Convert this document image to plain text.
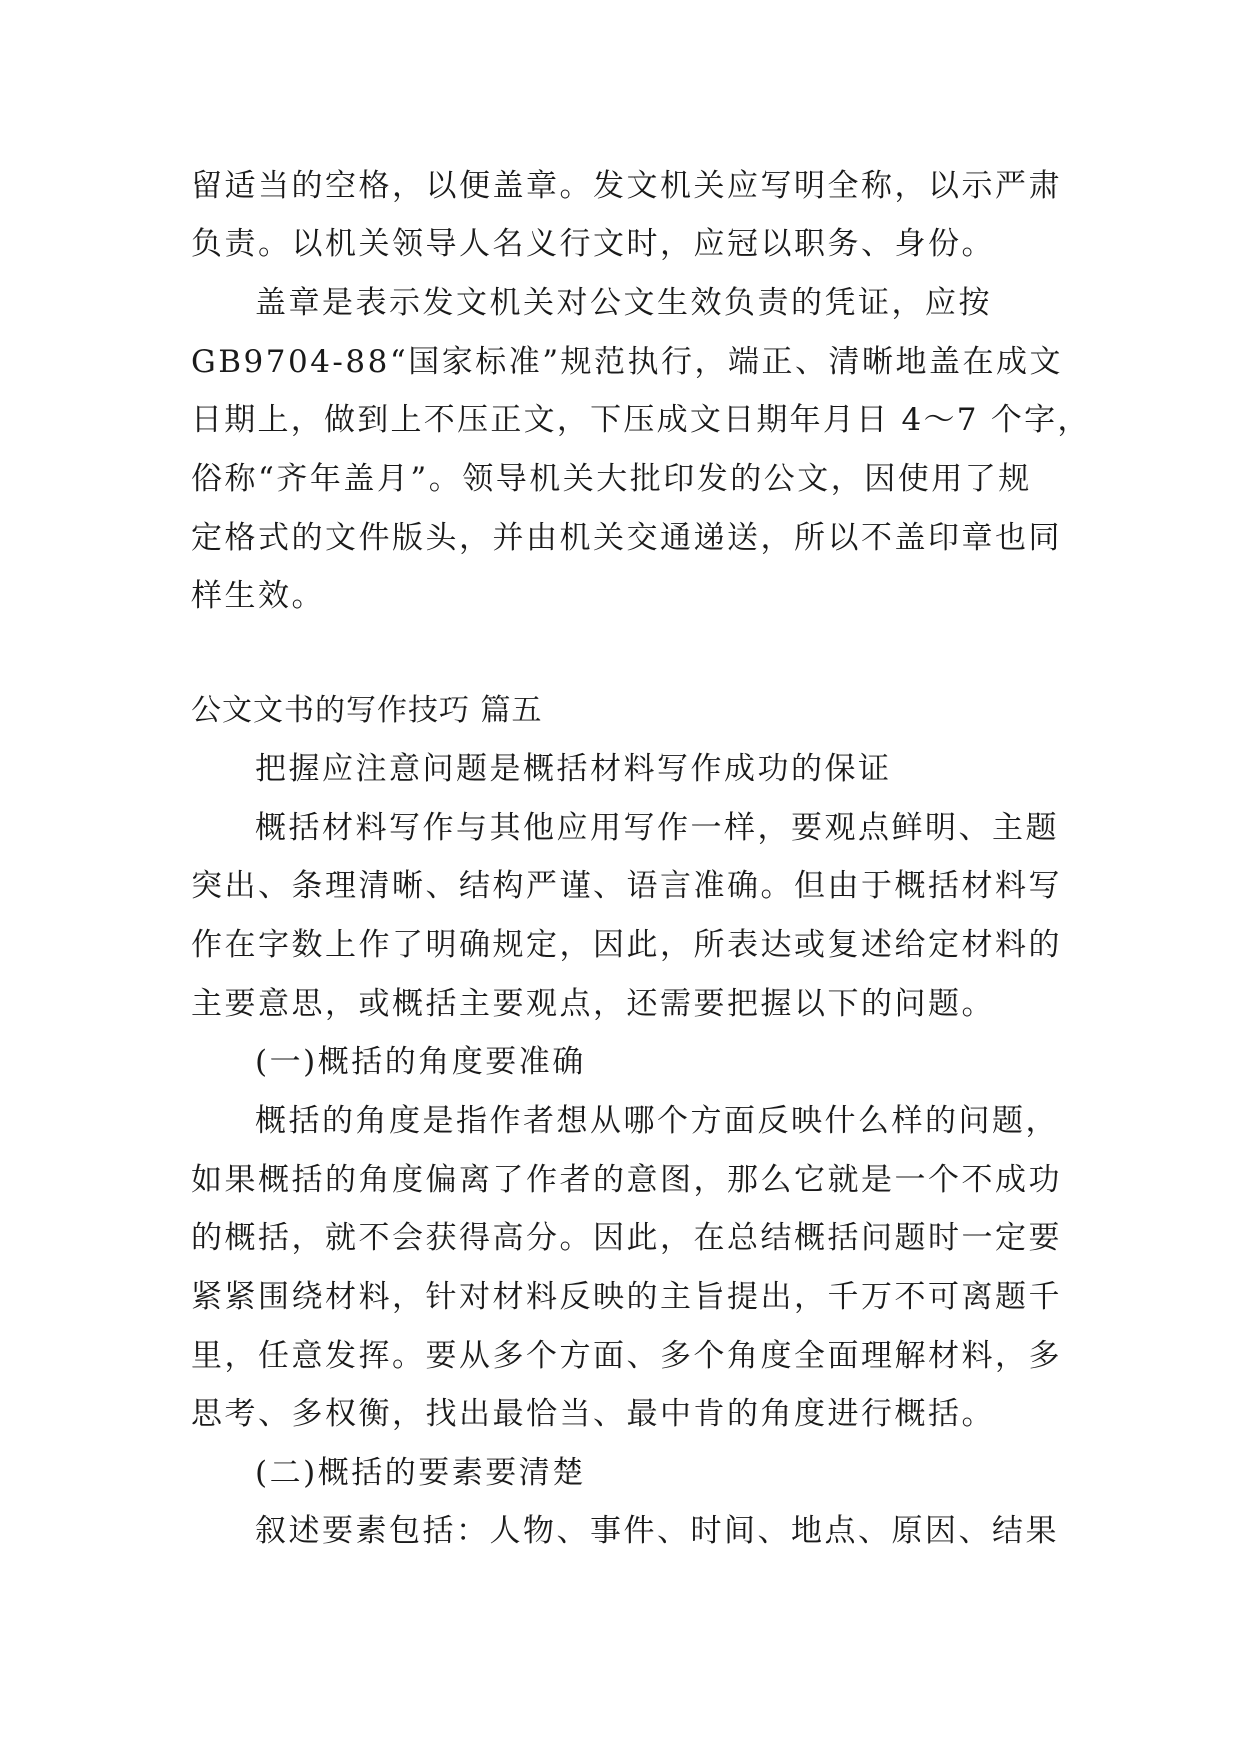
留适当的空格，以便盖章。发文机关应写明全称，以示严肃
负责。以机关领导人名义行文时，应冠以职务、身份。
盖章是表示发文机关对公文生效负责的凭证，应按
GB9704-88“国家标准”规范执行，端正、清晰地盖在成文
日期上，做到上不压正文，下压成文日期年月日 4～7 个字，
俗称“齐年盖月”。领导机关大批印发的公文，因使用了规
定格式的文件版头，并由机关交通递送，所以不盖印章也同
样生效。
公文文书的写作技巧 篇五
把握应注意问题是概括材料写作成功的保证
概括材料写作与其他应用写作一样，要观点鲜明、主题
突出、条理清晰、结构严谨、语言准确。但由于概括材料写
作在字数上作了明确规定，因此，所表达或复述给定材料的
主要意思，或概括主要观点，还需要把握以下的问题。
(一)概括的角度要准确
概括的角度是指作者想从哪个方面反映什么样的问题，
如果概括的角度偏离了作者的意图，那么它就是一个不成功
的概括，就不会获得高分。因此，在总结概括问题时一定要
紧紧围绕材料，针对材料反映的主旨提出，千万不可离题千
里，任意发挥。要从多个方面、多个角度全面理解材料，多
思考、多权衡，找出最恰当、最中肯的角度进行概括。
(二)概括的要素要清楚
叙述要素包括：人物、事件、时间、地点、原因、结果
